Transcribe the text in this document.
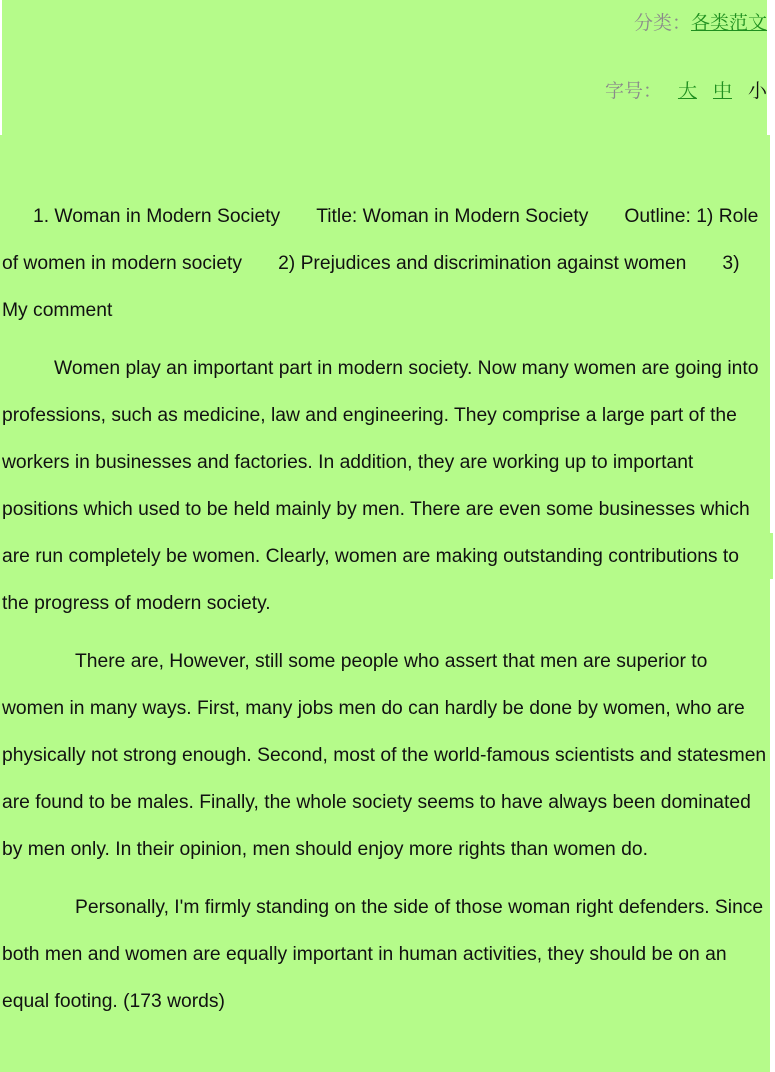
分类：各类范文
字号： 大 中 小

1. Woman in Modern Society Title: Woman in Modern Society Outline: 1) Role of women in modern society 2) Prejudices and discrimination against women 3) My comment

Women play an important part in modern society. Now many women are going into professions, such as medicine, law and engineering. They comprise a large part of the workers in businesses and factories. In addition, they are working up to important positions which used to be held mainly by men. There are even some businesses which are run completely be women. Clearly, women are making outstanding contributions to the progress of modern society.

There are, However, still some people who assert that men are superior to women in many ways. First, many jobs men do can hardly be done by women, who are physically not strong enough. Second, most of the world-famous scientists and statesmen are found to be males. Finally, the whole society seems to have always been dominated by men only. In their opinion, men should enjoy more rights than women do.

Personally, I'm firmly standing on the side of those woman right defenders. Since both men and women are equally important in human activities, they should be on an equal footing. (173 words)
